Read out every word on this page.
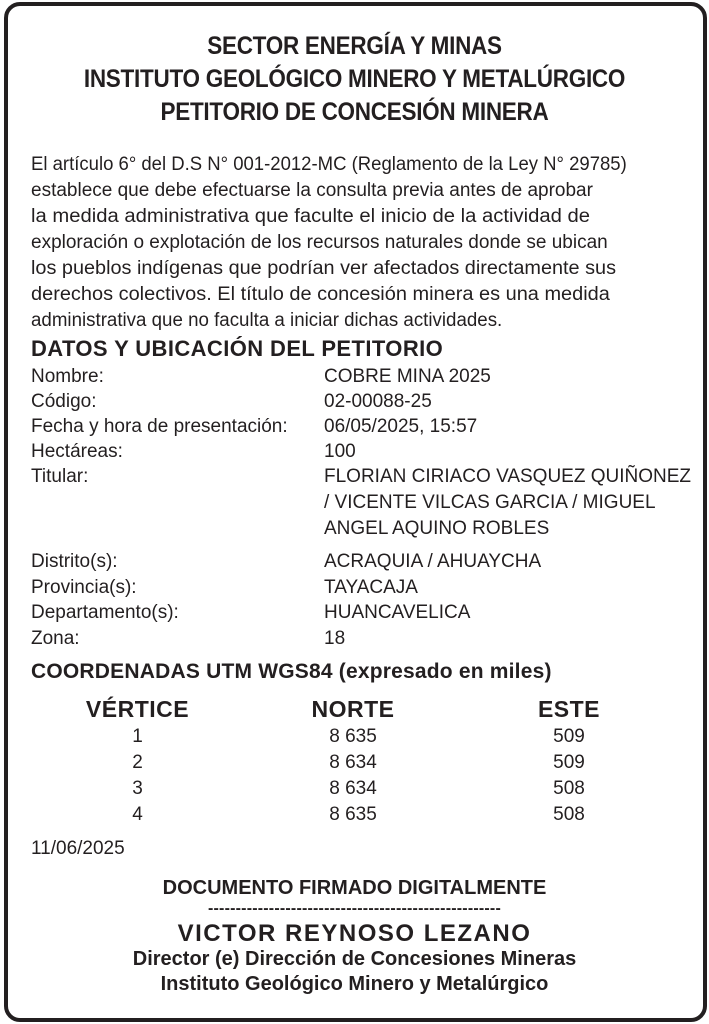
SECTOR ENERGÍA Y MINAS
INSTITUTO GEOLÓGICO MINERO Y METALÚRGICO
PETITORIO DE CONCESIÓN MINERA
El artículo 6° del D.S N° 001-2012-MC (Reglamento de la Ley N° 29785)
establece que debe efectuarse la consulta previa antes de aprobar
la medida administrativa que faculte el inicio de la actividad de
exploración o explotación de los recursos naturales donde se ubican
los pueblos indígenas que podrían ver afectados directamente sus
derechos colectivos. El título de concesión minera es una medida
administrativa que no faculta a iniciar dichas actividades.
DATOS Y UBICACIÓN DEL PETITORIO
Nombre:	COBRE MINA 2025
Código:	02-00088-25
Fecha y hora de presentación: 06/05/2025, 15:57
Hectáreas:	100
Titular:	FLORIAN CIRIACO VASQUEZ QUIÑONEZ
/ VICENTE VILCAS GARCIA / MIGUEL
ANGEL AQUINO ROBLES
Distrito(s):	ACRAQUIA / AHUAYCHA
Provincia(s):	TAYACAJA
Departamento(s):	HUANCAVELICA
Zona:	18
COORDENADAS UTM WGS84 (expresado en miles)
VÉRTICE	NORTE	ESTE
1	8 635	509
2	8 634	509
3	8 634	508
4	8 635	508
11/06/2025
DOCUMENTO FIRMADO DIGITALMENTE
-----------------------------------------------------
VICTOR REYNOSO LEZANO
Director (e) Dirección de Concesiones Mineras
Instituto Geológico Minero y Metalúrgico
